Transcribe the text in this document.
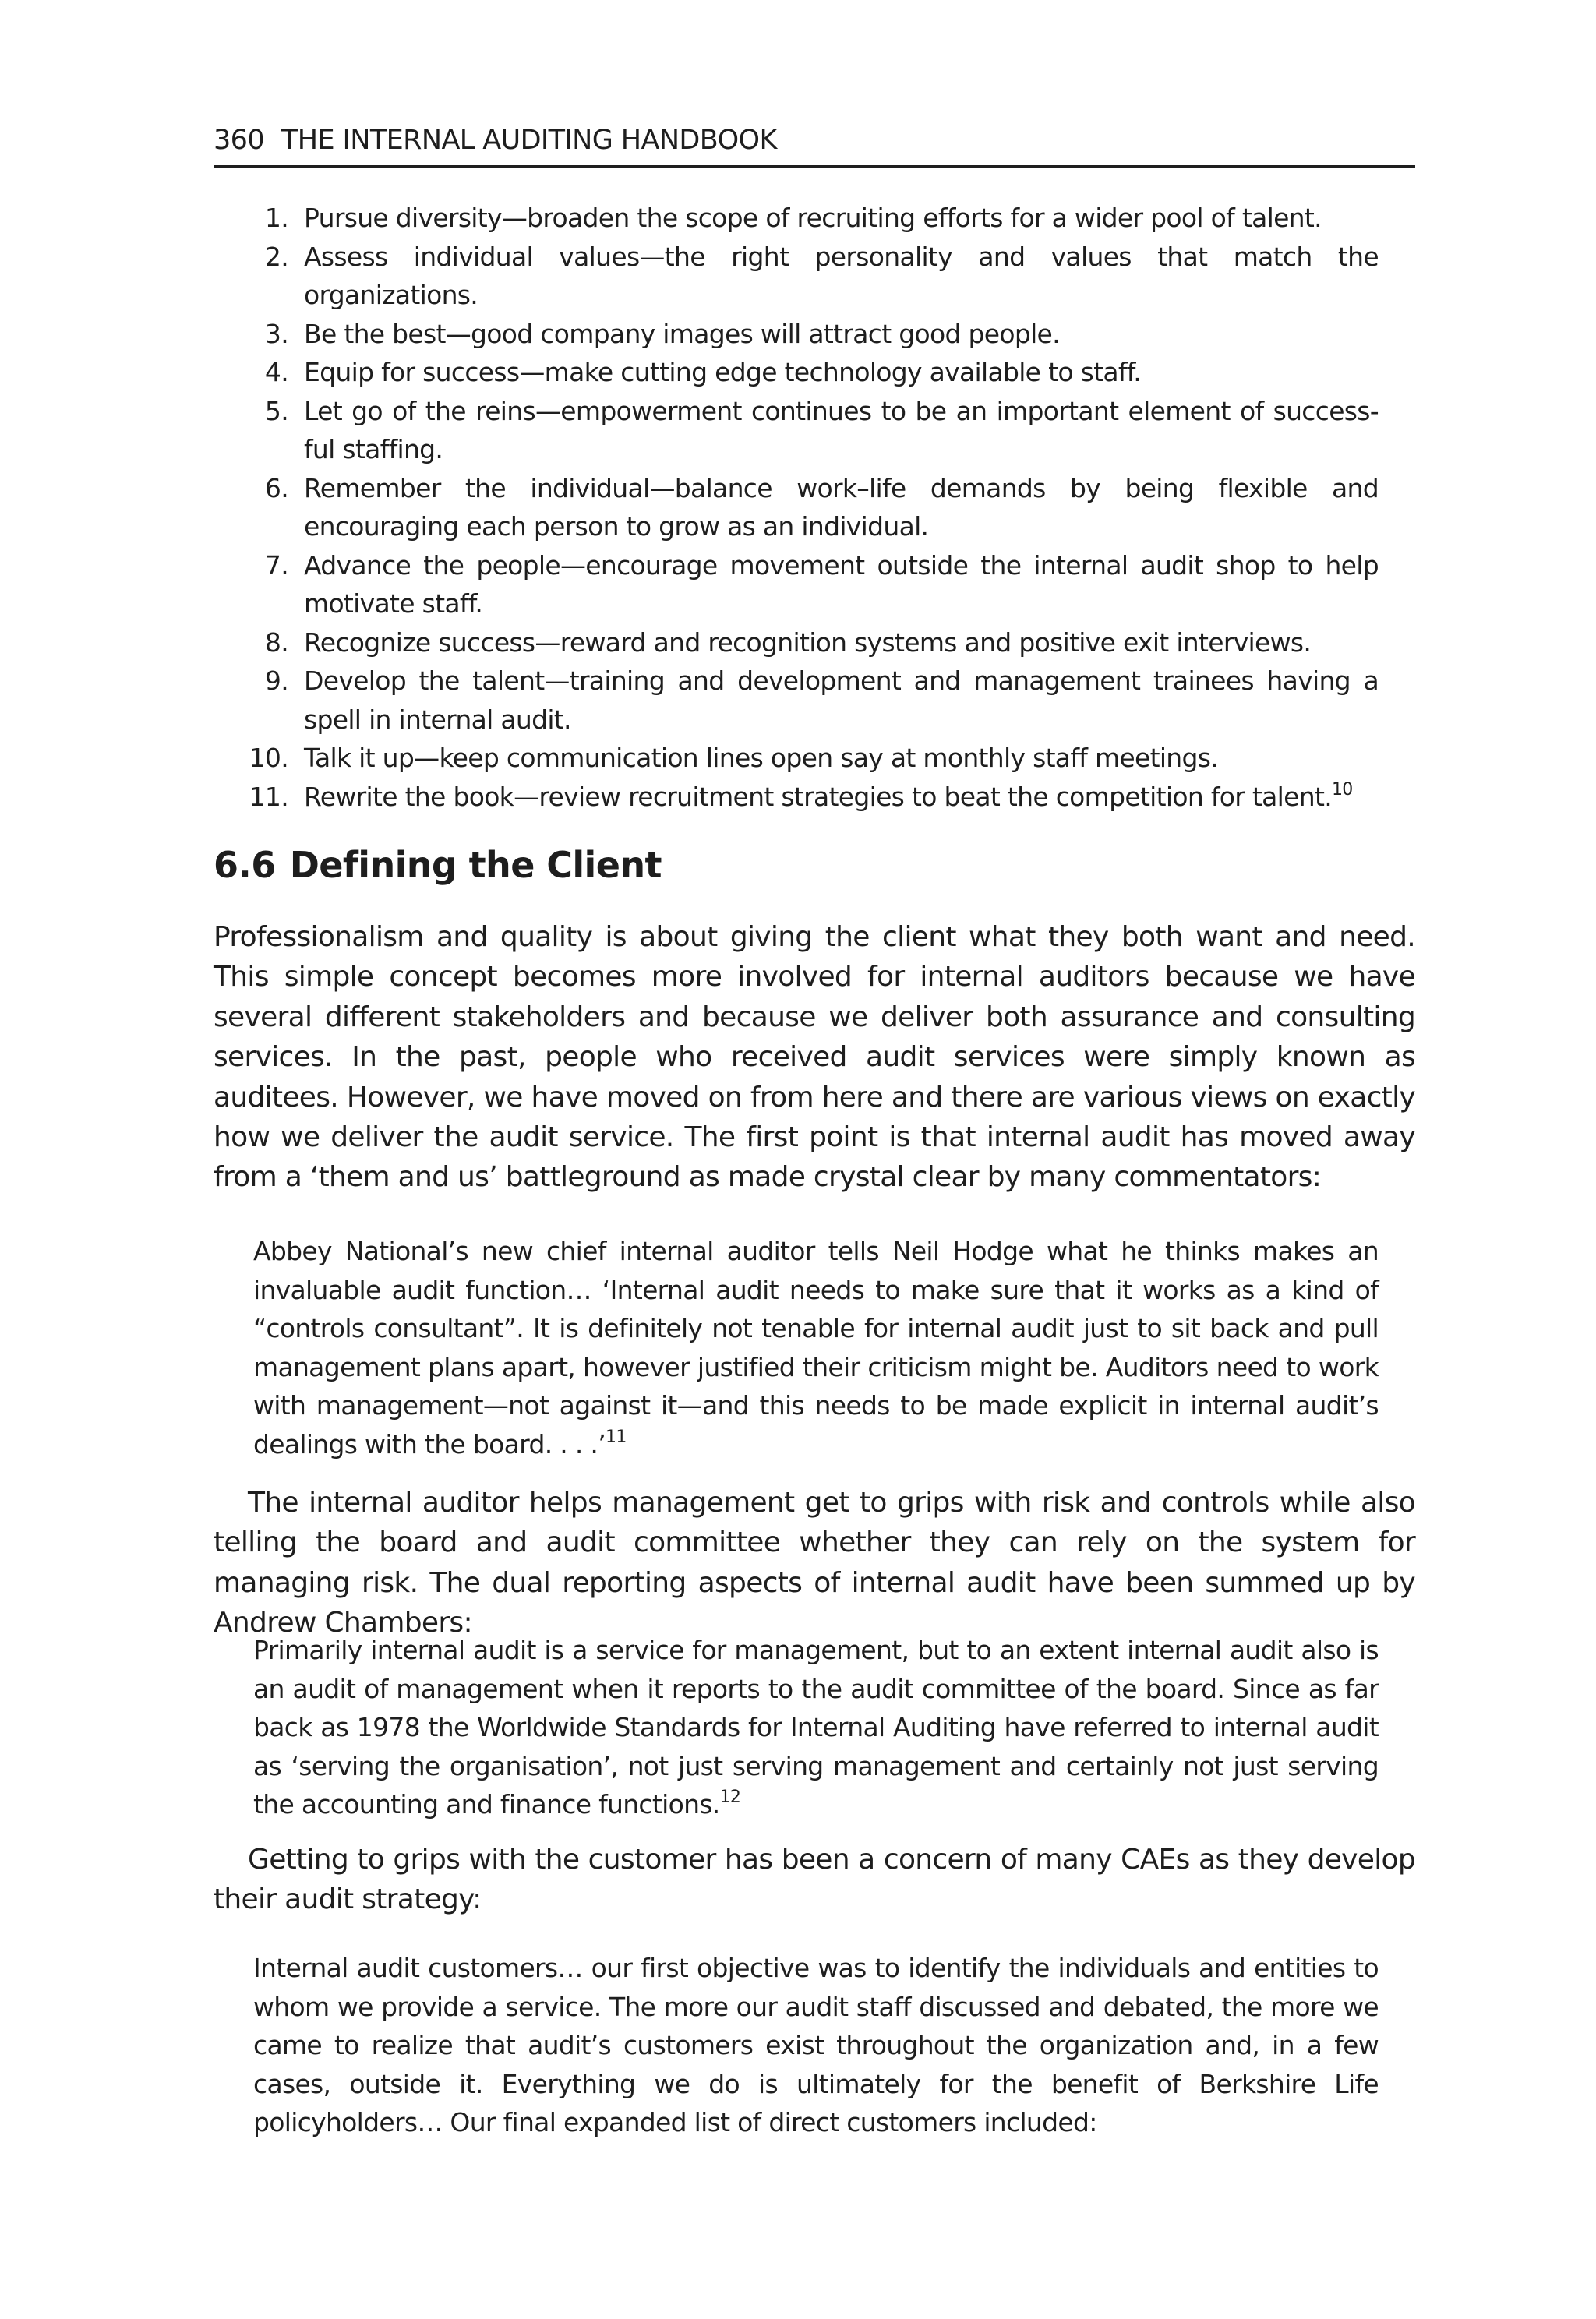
360 THE INTERNAL AUDITING HANDBOOK
1. Pursue diversity—broaden the scope of recruiting efforts for a wider pool of talent.
2. Assess individual values—the right personality and values that match the organizations.
3. Be the best—good company images will attract good people.
4. Equip for success—make cutting edge technology available to staff.
5. Let go of the reins—empowerment continues to be an important element of success-ful staffing.
6. Remember the individual—balance work–life demands by being flexible and encouraging each person to grow as an individual.
7. Advance the people—encourage movement outside the internal audit shop to help motivate staff.
8. Recognize success—reward and recognition systems and positive exit interviews.
9. Develop the talent—training and development and management trainees having a spell in internal audit.
10. Talk it up—keep communication lines open say at monthly staff meetings.
11. Rewrite the book—review recruitment strategies to beat the competition for talent.$^{10}$
6.6 Defining the Client

Professionalism and quality is about giving the client what they both want and need. This simple concept becomes more involved for internal auditors because we have several different stakeholders and because we deliver both assurance and consulting services. In the past, people who received audit services were simply known as auditees. However, we have moved on from here and there are various views on exactly how we deliver the audit service. The first point is that internal audit has moved away from a ‘them and us’ battleground as made crystal clear by many commentators:

Abbey National’s new chief internal auditor tells Neil Hodge what he thinks makes an invaluable audit function… ‘Internal audit needs to make sure that it works as a kind of “controls consultant”. It is definitely not tenable for internal audit just to sit back and pull management plans apart, however justified their criticism might be. Auditors need to work with management—not against it—and this needs to be made explicit in internal audit’s dealings with the board. . . .’$^{11}$

The internal auditor helps management get to grips with risk and controls while also telling the board and audit committee whether they can rely on the system for managing risk. The dual reporting aspects of internal audit have been summed up by Andrew Chambers:

Primarily internal audit is a service for management, but to an extent internal audit also is an audit of management when it reports to the audit committee of the board. Since as far back as 1978 the Worldwide Standards for Internal Auditing have referred to internal audit as ‘serving the organisation’, not just serving management and certainly not just serving the accounting and finance functions.$^{12}$

Getting to grips with the customer has been a concern of many CAEs as they develop their audit strategy:

Internal audit customers… our first objective was to identify the individuals and entities to whom we provide a service. The more our audit staff discussed and debated, the more we came to realize that audit’s customers exist throughout the organization and, in a few cases, outside it. Everything we do is ultimately for the benefit of Berkshire Life policyholders… Our final expanded list of direct customers included:
